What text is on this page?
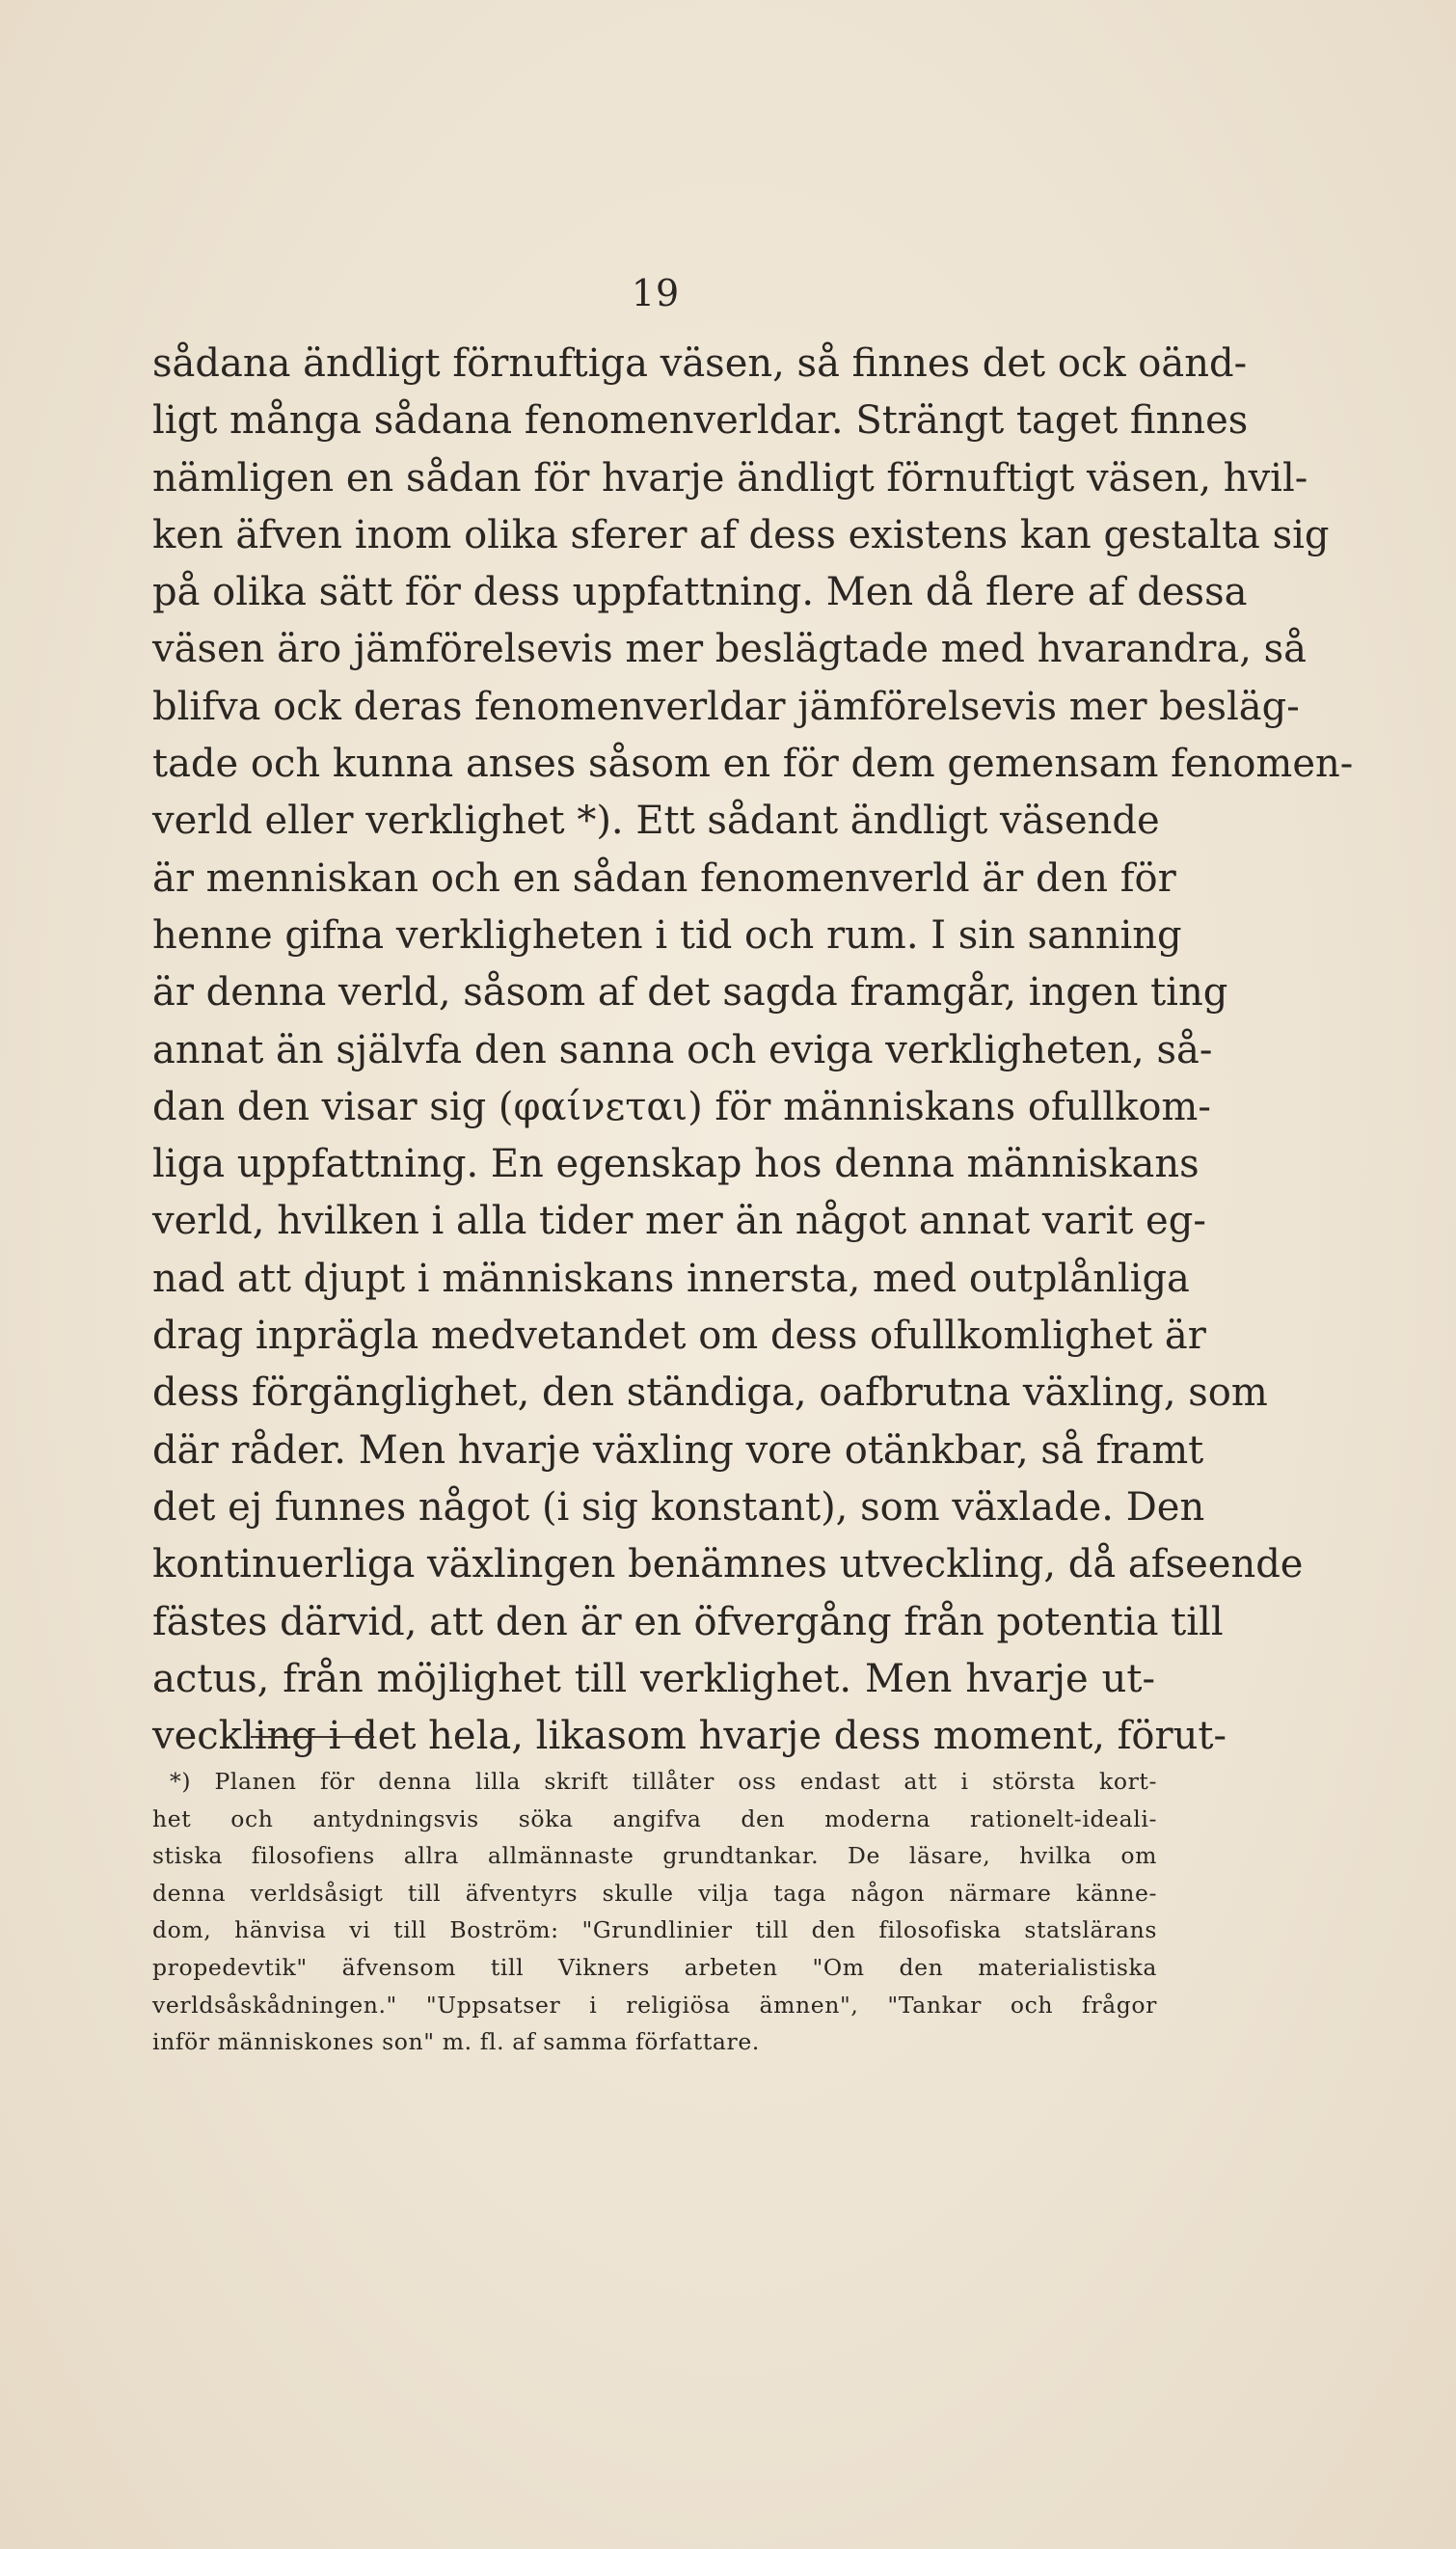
19
sådana ändligt förnuftiga väsen, så finnes det ock oänd-
ligt många sådana fenomenverldar. Strängt taget finnes
nämligen en sådan för hvarje ändligt förnuftigt väsen, hvil-
ken äfven inom olika sferer af dess existens kan gestalta sig
på olika sätt för dess uppfattning. Men då flere af dessa
väsen äro jämförelsevis mer beslägtade med hvarandra, så
blifva ock deras fenomenverldar jämförelsevis mer besläg-
tade och kunna anses såsom en för dem gemensam fenomen-
verld eller verklighet *). Ett sådant ändligt väsende
är menniskan och en sådan fenomenverld är den för
henne gifna verkligheten i tid och rum. I sin sanning
är denna verld, såsom af det sagda framgår, ingen ting
annat än självfa den sanna och eviga verkligheten, så-
dan den visar sig (φαίνεται) för människans ofullkom-
liga uppfattning. En egenskap hos denna människans
verld, hvilken i alla tider mer än något annat varit eg-
nad att djupt i människans innersta, med outplånliga
drag inprägla medvetandet om dess ofullkomlighet är
dess förgänglighet, den ständiga, oafbrutna växling, som
där råder. Men hvarje växling vore otänkbar, så framt
det ej funnes något (i sig konstant), som växlade. Den
kontinuerliga växlingen benämnes utveckling, då afseende
fästes därvid, att den är en öfvergång från potentia till
actus, från möjlighet till verklighet. Men hvarje ut-
veckling i det hela, likasom hvarje dess moment, förut-
*) Planen för denna lilla skrift tillåter oss endast att i största kort-
het och antydningsvis söka angifva den moderna rationelt-ideali-
stiska filosofiens allra allmännaste grundtankar. De läsare, hvilka om
denna verldsåsigt till äfventyrs skulle vilja taga någon närmare känne-
dom, hänvisa vi till Boström: "Grundlinier till den filosofiska statslärans
propedevtik" äfvensom till Vikners arbeten "Om den materialistiska
verldsåskådningen." "Uppsatser i religiösa ämnen", "Tankar och frågor
inför människones son" m. fl. af samma författare.
